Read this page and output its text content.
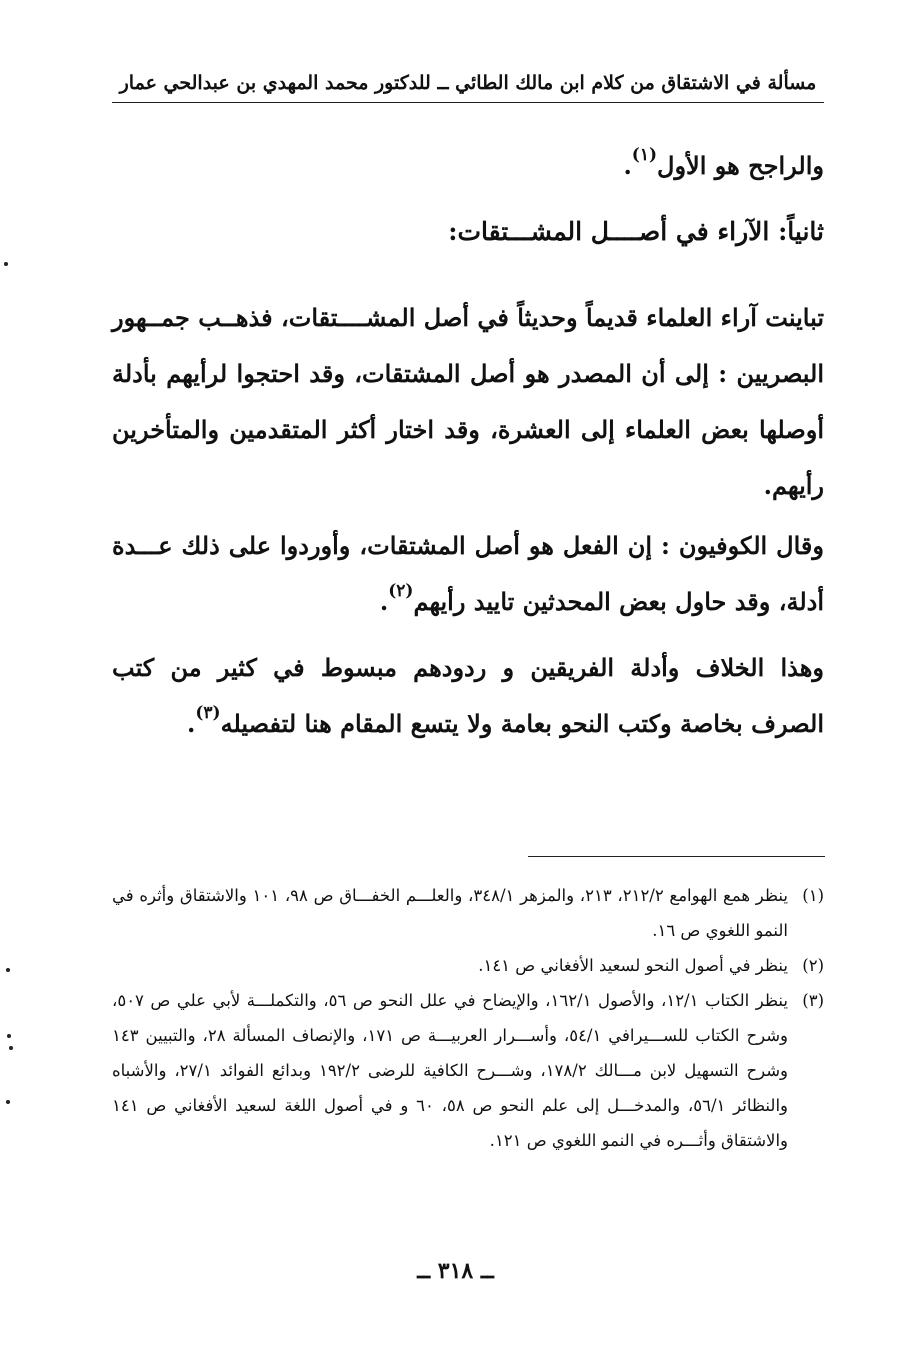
مسألة في الاشتقاق من كلام ابن مالك الطائي ــ للدكتور محمد المهدي بن عبدالحي عمار

والراجح هو الأول$^{(١)}$.

ثانياً: الآراء في أصــــل المشـــتقات:

تباينت آراء العلماء قديماً وحديثاً في أصل المشــــتقات، فذهــب جمــهور البصريين : إلى أن المصدر هو أصل المشتقات، وقد احتجوا لرأيهم بأدلة أوصلها بعض العلماء إلى العشرة، وقد اختار أكثر المتقدمين والمتأخرين رأيهم.

وقال الكوفيون : إن الفعل هو أصل المشتقات، وأوردوا على ذلك عـــدة أدلة، وقد حاول بعض المحدثين تاييد رأيهم$^{(٢)}$.

وهذا الخلاف وأدلة الفريقين و ردودهم مبسوط في كثير من كتب الصرف بخاصة وكتب النحو بعامة ولا يتسع المقام هنا لتفصيله$^{(٣)}$.

(١)
ينظر همع الهوامع ٢١٢/٢، ٢١٣، والمزهر ٣٤٨/١، والعلـــم الخفـــاق ص ٩٨، ١٠١ والاشتقاق وأثره في النمو اللغوي ص ١٦.

(٢)
ينظر في أصول النحو لسعيد الأفغاني ص ١٤١.

(٣)
ينظر الكتاب ١٢/١، والأصول ١٦٢/١، والإيضاح في علل النحو ص ٥٦، والتكملـــة لأبي علي ص ٥٠٧، وشرح الكتاب للســـيرافي ٥٤/١، وأســـرار العربيـــة ص ١٧١، والإنصاف المسألة ٢٨، والتبيين ١٤٣ وشرح التسهيل لابن مـــالك ١٧٨/٢، وشـــرح الكافية للرضى ١٩٢/٢ وبدائع الفوائد ٢٧/١، والأشباه والنظائر ٥٦/١، والمدخـــل إلى علم النحو ص ٥٨، ٦٠ و في أصول اللغة لسعيد الأفغاني ص ١٤١ والاشتقاق وأثـــره في النمو اللغوي ص ١٢١.

ــ ٣١٨ ــ
